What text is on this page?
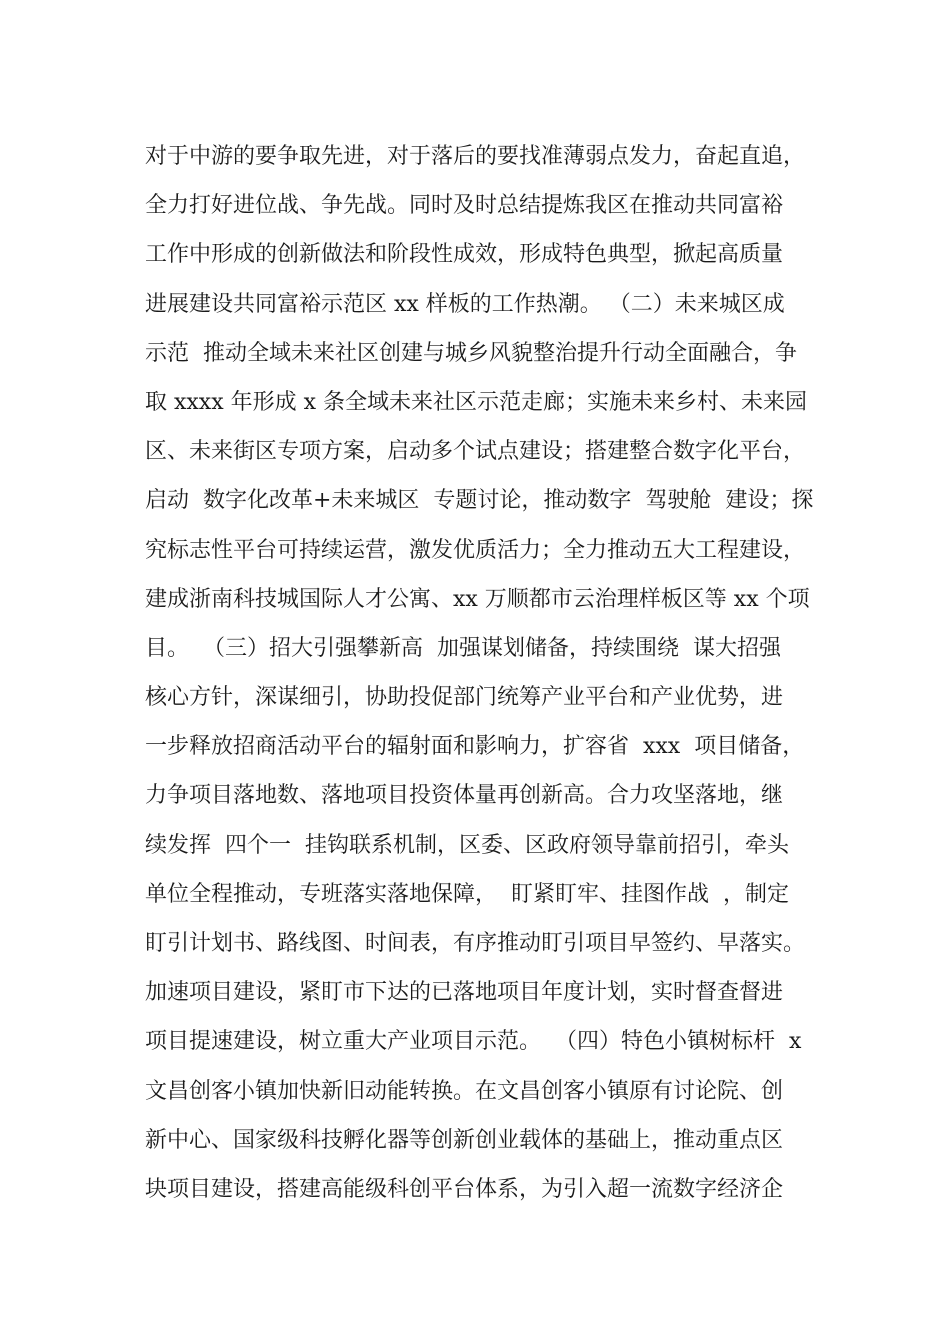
对于中游的要争取先进，对于落后的要找准薄弱点发力，奋起直追，
全力打好进位战、争先战。同时及时总结提炼我区在推动共同富裕
工作中形成的创新做法和阶段性成效，形成特色典型，掀起高质量
进展建设共同富裕示范区 xx 样板的工作热潮。 （二）未来城区成
示范  推动全域未来社区创建与城乡风貌整治提升行动全面融合，争
取 xxxx 年形成 x 条全域未来社区示范走廊；实施未来乡村、未来园
区、未来街区专项方案，启动多个试点建设；搭建整合数字化平台，
启动  数字化改革+未来城区  专题讨论，推动数字  驾驶舱  建设；探
究标志性平台可持续运营，激发优质活力；全力推动五大工程建设，
建成浙南科技城国际人才公寓、xx 万顺都市云治理样板区等 xx 个项
目。  （三）招大引强攀新高  加强谋划储备，持续围绕  谋大招强
核心方针，深谋细引，协助投促部门统筹产业平台和产业优势，进
一步释放招商活动平台的辐射面和影响力，扩容省  xxx  项目储备，
力争项目落地数、落地项目投资体量再创新高。合力攻坚落地，继
续发挥  四个一  挂钩联系机制，区委、区政府领导靠前招引，牵头
单位全程推动，专班落实落地保障，  盯紧盯牢、挂图作战  ，制定
盯引计划书、路线图、时间表，有序推动盯引项目早签约、早落实。
加速项目建设，紧盯市下达的已落地项目年度计划，实时督查督进
项目提速建设，树立重大产业项目示范。  （四）特色小镇树标杆  x
文昌创客小镇加快新旧动能转换。在文昌创客小镇原有讨论院、创
新中心、国家级科技孵化器等创新创业载体的基础上，推动重点区
块项目建设，搭建高能级科创平台体系，为引入超一流数字经济企
